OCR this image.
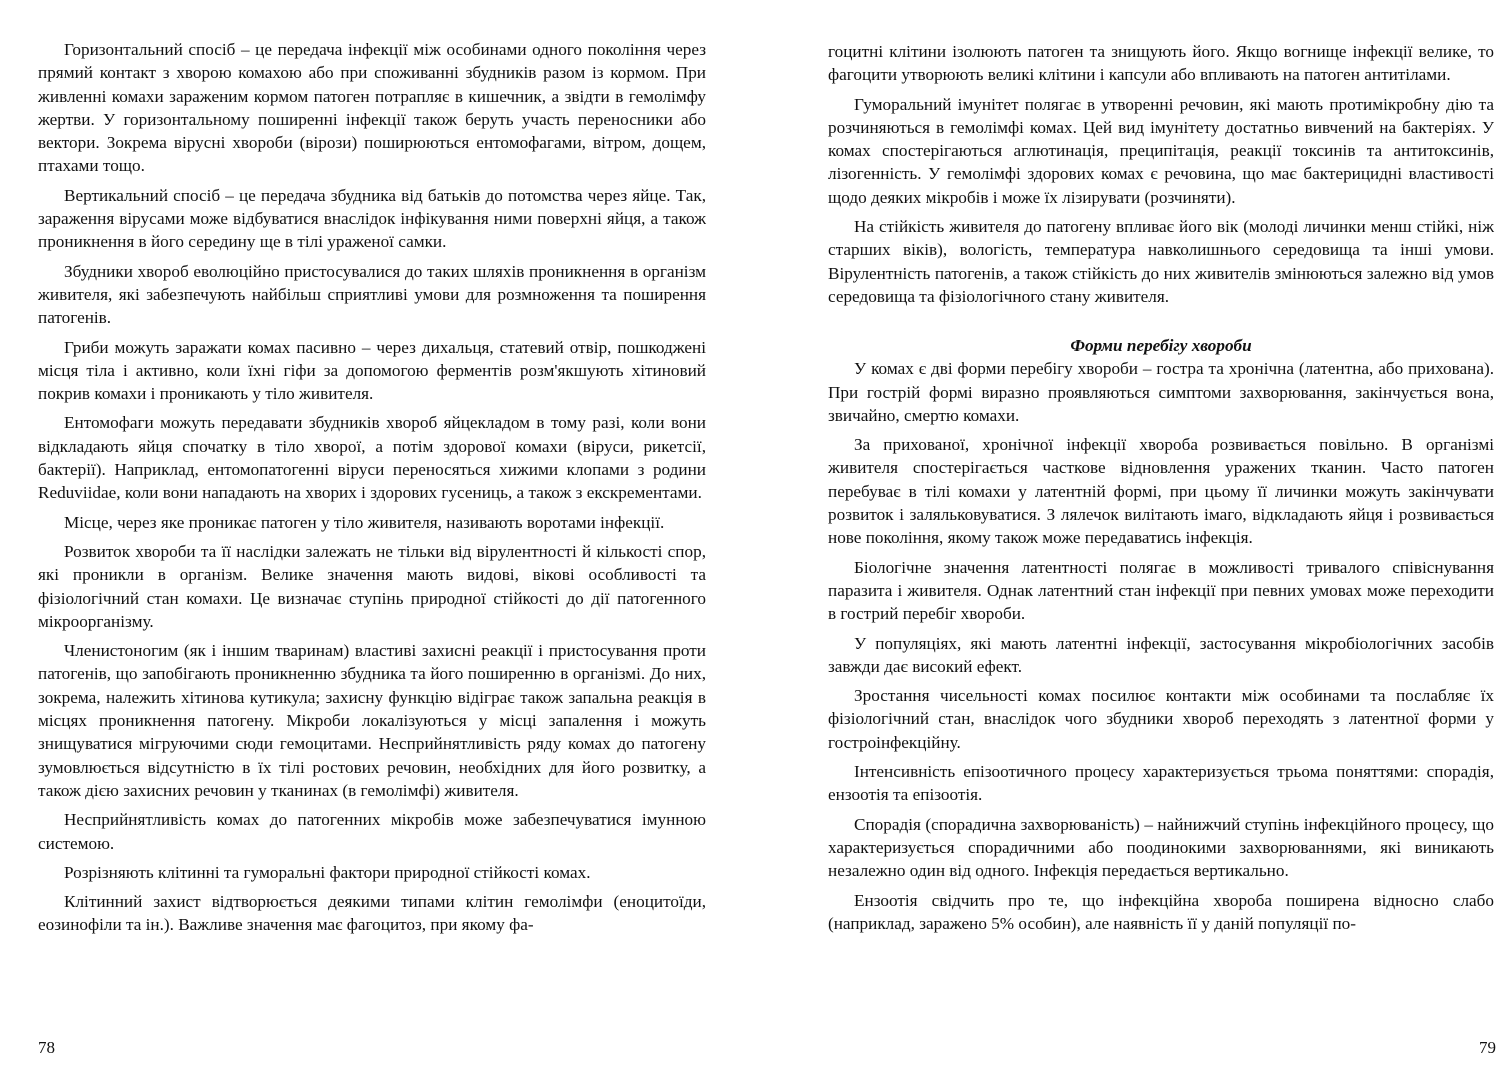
Горизонтальний спосіб – це передача інфекції між особинами одного покоління через прямий контакт з хворою комахою або при споживанні збудників разом із кормом. При живленні комахи зараженим кормом патоген потрапляє в кишечник, а звідти в гемолімфу жертви. У горизонтальному поширенні інфекції також беруть участь переносники або вектори. Зокрема вірусні хвороби (вірози) поширюються ентомофагами, вітром, дощем, птахами тощо.

Вертикальний спосіб – це передача збудника від батьків до потомства через яйце. Так, зараження вірусами може відбуватися внаслідок інфікування ними поверхні яйця, а також проникнення в його середину ще в тілі ураженої самки.

Збудники хвороб еволюційно пристосувалися до таких шляхів проникнення в організм живителя, які забезпечують найбільш сприятливі умови для розмноження та поширення патогенів.

Гриби можуть заражати комах пасивно – через дихальця, статевий отвір, пошкоджені місця тіла і активно, коли їхні гіфи за допомогою ферментів розм'якшують хітиновий покрив комахи і проникають у тіло живителя.

Ентомофаги можуть передавати збудників хвороб яйцекладом в тому разі, коли вони відкладають яйця спочатку в тіло хворої, а потім здорової комахи (віруси, рикетсії, бактерії). Наприклад, ентомопатогенні віруси переносяться хижими клопами з родини Reduviidae, коли вони нападають на хворих і здорових гусениць, а також з екскрементами.

Місце, через яке проникає патоген у тіло живителя, називають воротами інфекції.

Розвиток хвороби та її наслідки залежать не тільки від вірулентності й кількості спор, які проникли в організм. Велике значення мають видові, вікові особливості та фізіологічний стан комахи. Це визначає ступінь природної стійкості до дії патогенного мікроорганізму.

Членистоногим (як і іншим тваринам) властиві захисні реакції і пристосування проти патогенів, що запобігають проникненню збудника та його поширенню в організмі. До них, зокрема, належить хітинова кутикула; захисну функцію відіграє також запальна реакція в місцях проникнення патогену. Мікроби локалізуються у місці запалення і можуть знищуватися мігруючими сюди гемоцитами. Несприйнятливість ряду комах до патогену зумовлюється відсутністю в їх тілі ростових речовин, необхідних для його розвитку, а також дією захисних речовин у тканинах (в гемолімфі) живителя.

Несприйнятливість комах до патогенних мікробів може забезпечуватися імунною системою.

Розрізняють клітинні та гуморальні фактори природної стійкості комах.

Клітинний захист відтворюється деякими типами клітин гемолімфи (еноцитоїди, еозинофіли та ін.). Важливе значення має фагоцитоз, при якому фа-

гоцитні клітини ізолюють патоген та знищують його. Якщо вогнище інфекції велике, то фагоцити утворюють великі клітини і капсули або впливають на патоген антитілами.

Гуморальний імунітет полягає в утворенні речовин, які мають протимікробну дію та розчиняються в гемолімфі комах. Цей вид імунітету достатньо вивчений на бактеріях. У комах спостерігаються аглютинація, преципітація, реакції токсинів та антитоксинів, лізогенність. У гемолімфі здорових комах є речовина, що має бактерицидні властивості щодо деяких мікробів і може їх лізирувати (розчиняти).

На стійкість живителя до патогену впливає його вік (молоді личинки менш стійкі, ніж старших віків), вологість, температура навколишнього середовища та інші умови. Вірулентність патогенів, а також стійкість до них живителів змінюються залежно від умов середовища та фізіологічного стану живителя.

Форми перебігу хвороби

У комах є дві форми перебігу хвороби – гостра та хронічна (латентна, або прихована). При гострій формі виразно проявляються симптоми захворювання, закінчується вона, звичайно, смертю комахи.

За прихованої, хронічної інфекції хвороба розвивається повільно. В організмі живителя спостерігається часткове відновлення уражених тканин. Часто патоген перебуває в тілі комахи у латентній формі, при цьому її личинки можуть закінчувати розвиток і заляльковуватися. З лялечок вилітають імаго, відкладають яйця і розвивається нове покоління, якому також може передаватись інфекція.

Біологічне значення латентності полягає в можливості тривалого співіснування паразита і живителя. Однак латентний стан інфекції при певних умовах може переходити в гострий перебіг хвороби.

У популяціях, які мають латентні інфекції, застосування мікробіологічних засобів завжди дає високий ефект.

Зростання чисельності комах посилює контакти між особинами та послабляє їх фізіологічний стан, внаслідок чого збудники хвороб переходять з латентної форми у гостроінфекційну.

Інтенсивність епізоотичного процесу характеризується трьома поняттями: спорадія, ензоотія та епізоотія.

Спорадія (спорадична захворюваність) – найнижчий ступінь інфекційного процесу, що характеризується спорадичними або поодинокими захворюваннями, які виникають незалежно один від одного. Інфекція передається вертикально.

Ензоотія свідчить про те, що інфекційна хвороба поширена відносно слабо (наприклад, заражено 5% особин), але наявність її у даній популяції по-

78	79
